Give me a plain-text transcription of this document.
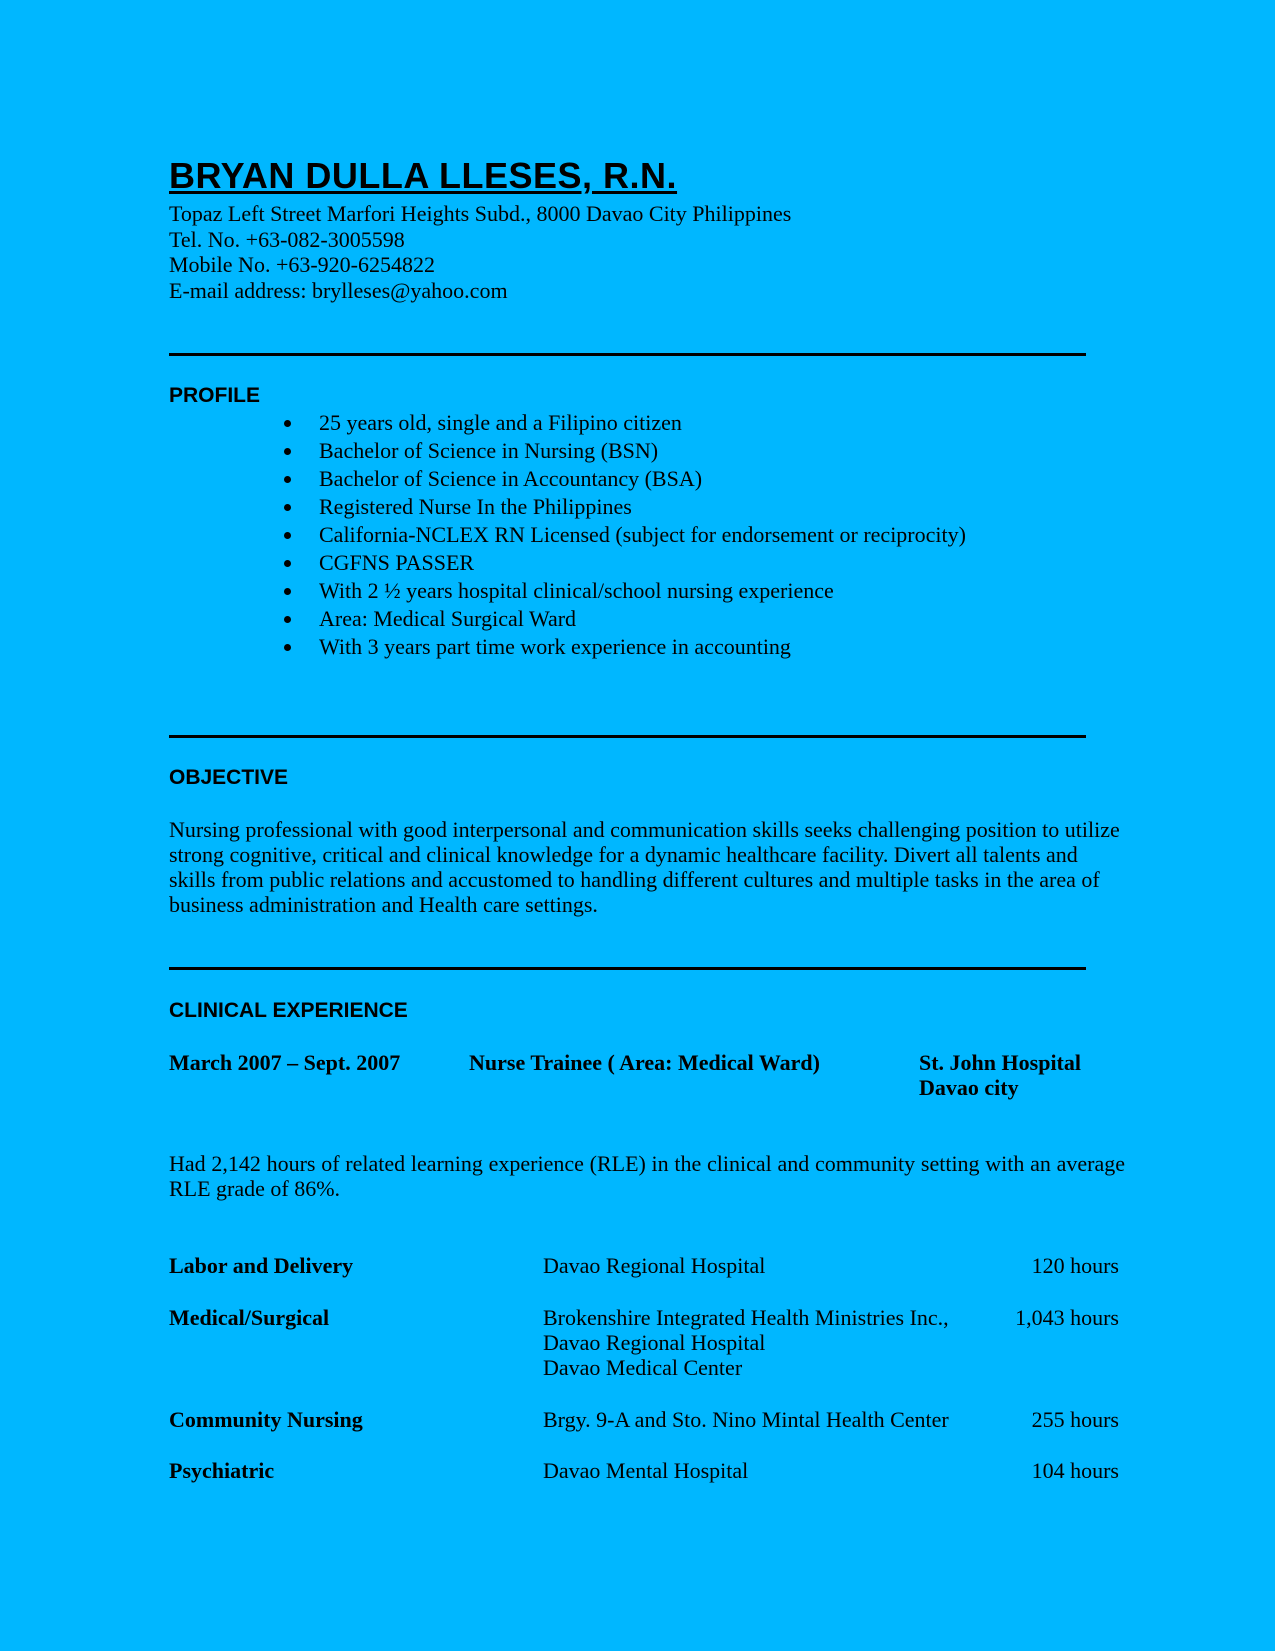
BRYAN DULLA LLESES, R.N.
Topaz Left Street Marfori Heights Subd., 8000 Davao City Philippines
Tel. No. +63-082-3005598
Mobile No. +63-920-6254822
E-mail address: brylleses@yahoo.com
PROFILE
25 years old, single and a Filipino citizen
Bachelor of Science in Nursing (BSN)
Bachelor of Science in Accountancy (BSA)
Registered Nurse In the Philippines
California-NCLEX RN Licensed (subject for endorsement or reciprocity)
CGFNS PASSER
With 2 ½ years hospital clinical/school nursing experience
Area: Medical Surgical Ward
With 3 years part time work experience in accounting
OBJECTIVE
Nursing professional with good interpersonal and communication skills seeks challenging position to utilize strong cognitive, critical and clinical knowledge for a dynamic healthcare facility. Divert all talents and skills from public relations and accustomed to handling different cultures and multiple tasks in the area of business administration and Health care settings.
CLINICAL EXPERIENCE
March 2007 – Sept. 2007	Nurse Trainee ( Area: Medical Ward)	St. John Hospital
Davao city
Had 2,142 hours of related learning experience (RLE) in the clinical and community setting with an average RLE grade of 86%.
Labor and Delivery	Davao Regional Hospital	120 hours
Medical/Surgical	Brokenshire Integrated Health Ministries Inc.,
Davao Regional Hospital
Davao Medical Center
1,043 hours
Community Nursing	Brgy. 9-A and Sto. Nino Mintal Health Center	255 hours
Psychiatric	Davao Mental Hospital	104 hours
